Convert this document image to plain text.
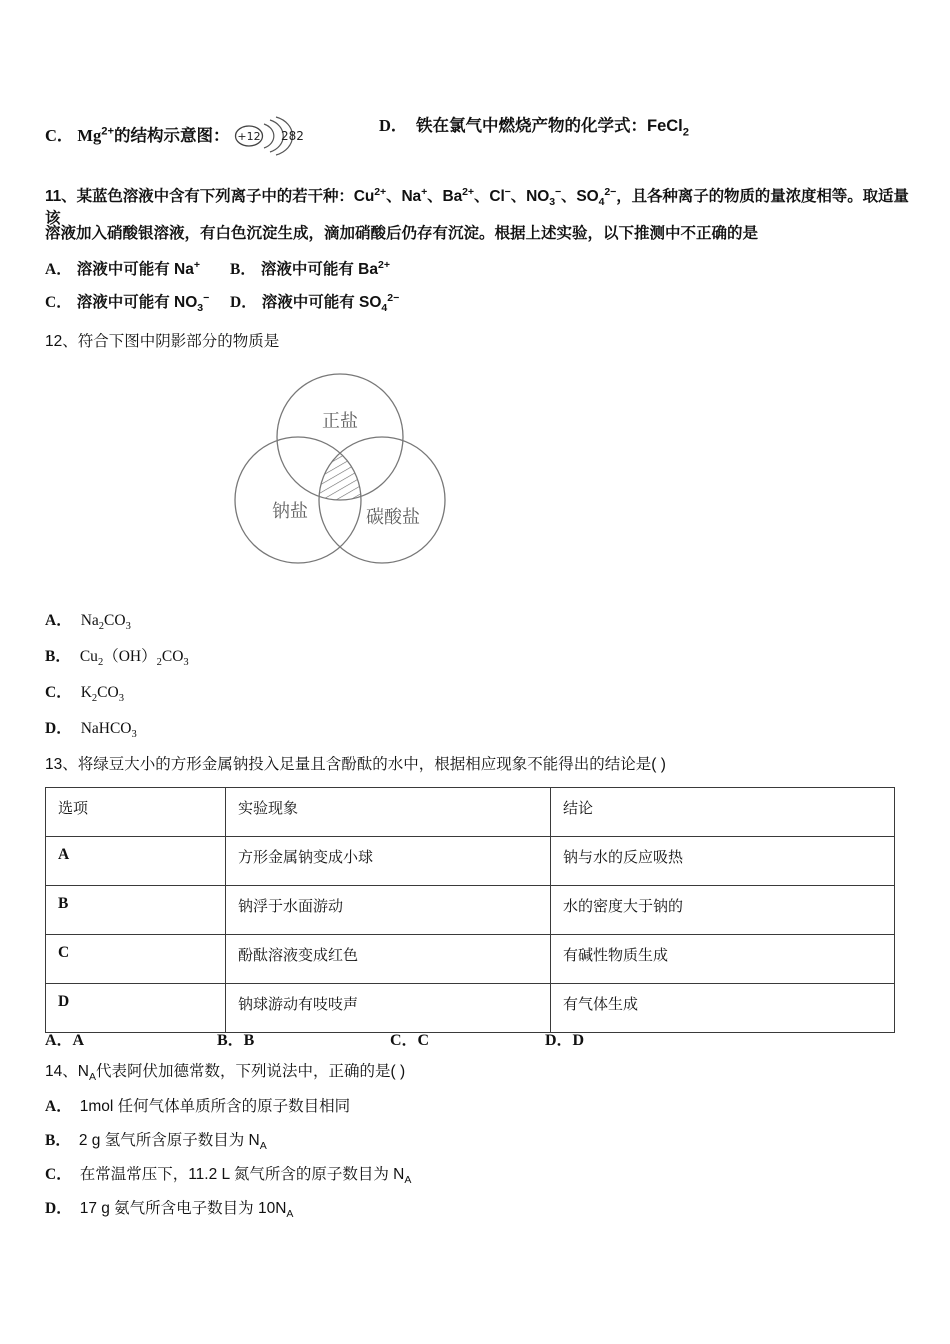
C． $Mg^{2+}$的结构示意图： +12 282
D． 铁在氯气中燃烧产物的化学式：FeCl$_2$
11、某蓝色溶液中含有下列离子中的若干种：$Cu^{2+}$、Na+、$Ba^{2+}$、Cl−、$NO_3^-$、$SO_4^{2-}$，且各种离子的物质的量浓度相等。取适量该
溶液加入硝酸银溶液，有白色沉淀生成，滴加硝酸后仍存有沉淀。根据上述实验，以下推测中不正确的是
A． 溶液中可能有 Na+ B． 溶液中可能有 $Ba^{2+}$
C． 溶液中可能有 $NO_3^-$ D． 溶液中可能有 $SO_4^{2-}$
12、符合下图中阴影部分的物质是
正盐
钠盐	碳酸盐
A． $Na_2CO_3$
B． $Cu_2(OH)_2CO_3$
C． $K_2CO_3$
D． NaHCO$_3$
13、将绿豆大小的方形金属钠投入足量且含酚酞的水中，根据相应现象不能得出的结论是( )
选项	实验现象	结论
A	方形金属钠变成小球	钠与水的反应吸热
B	钠浮于水面游动	水的密度大于钠的
C	酚酞溶液变成红色	有碱性物质生成
D	钠球游动有吱吱声	有气体生成
A．A	B．B	C．C	D．D
14、$N_A$代表阿伏加德常数，下列说法中，正确的是( )
A． 1mol 任何气体单质所含的原子数目相同
B． 2 g 氢气所含原子数目为 $N_A$
C． 在常温常压下，11.2 L 氮气所含的原子数目为 $N_A$
D． 17 g 氨气所含电子数目为 $10N_A$
